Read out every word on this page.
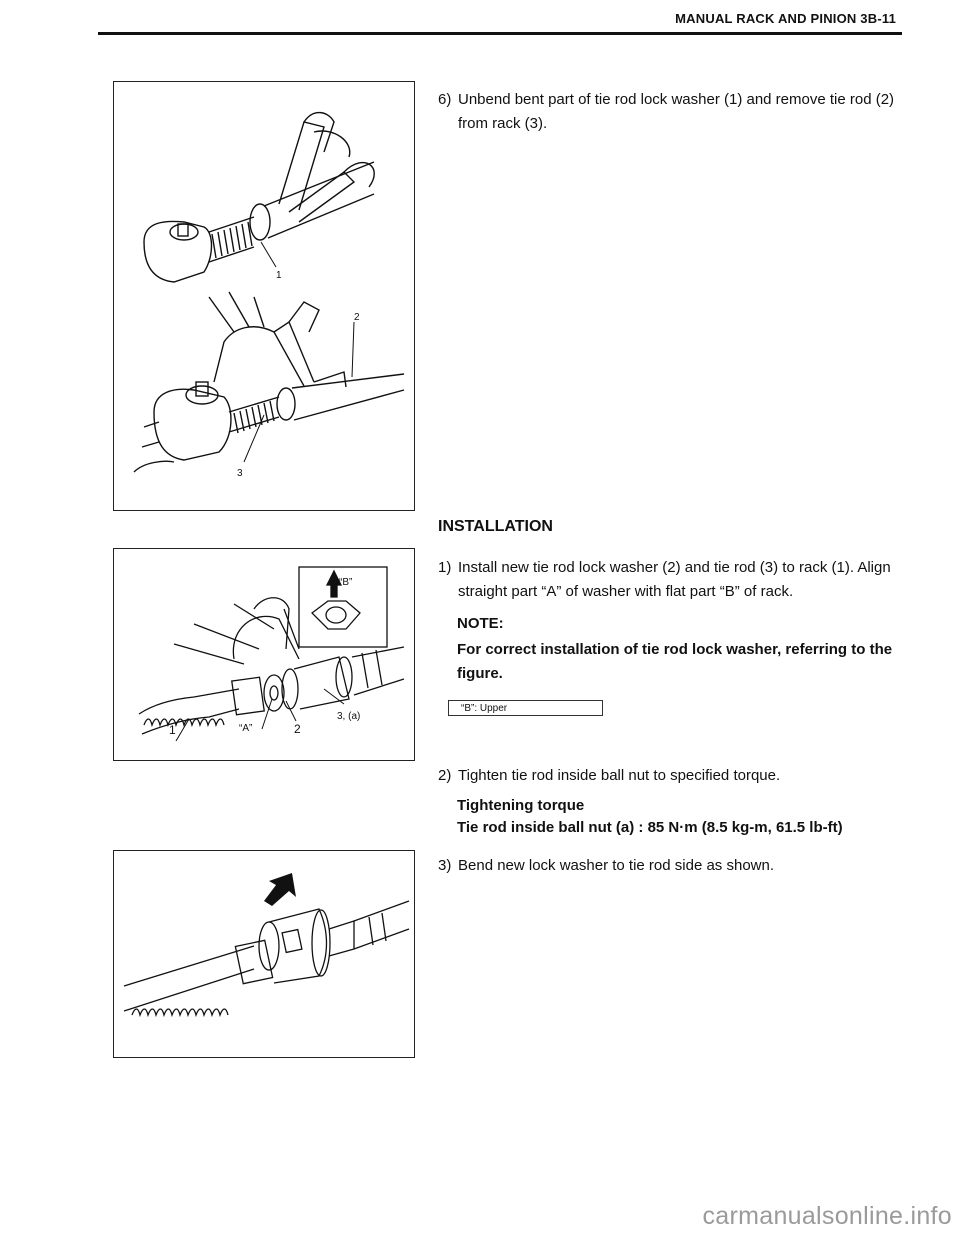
MANUAL RACK AND PINION 3B-11
1
2
3
6) Unbend bent part of tie rod lock washer (1) and remove tie rod (2) from rack (3).
INSTALLATION
“B”
1	“A”	2
3, (a)
1) Install new tie rod lock washer (2) and tie rod (3) to rack (1). Align straight part “A” of washer with flat part “B” of rack.
NOTE:
For correct installation of tie rod lock washer, referring to the figure.
“B”: Upper
2) Tighten tie rod inside ball nut to specified torque.
Tightening torque
Tie rod inside ball nut (a) : 85 N·m (8.5 kg-m, 61.5 lb-ft)
3) Bend new lock washer to tie rod side as shown.
carmanualsonline.info
